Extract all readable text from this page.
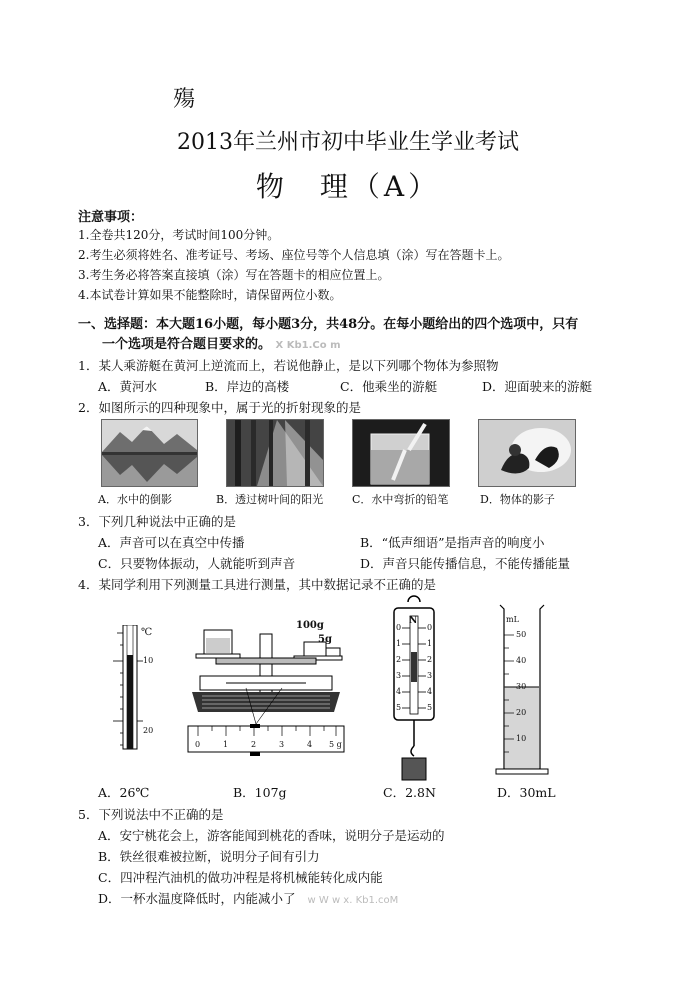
殤
2013年兰州市初中毕业生学业考试
物　理（A）
注意事项：
1.全卷共120分，考试时间100分钟。
2.考生必须将姓名、准考证号、考场、座位号等个人信息填（涂）写在答题卡上。
3.考生务必将答案直接填（涂）写在答题卡的相应位置上。
4.本试卷计算如果不能整除时，请保留两位小数。
一、选择题：本大题16小题，每小题3分，共48分。在每小题给出的四个选项中，只有
一个选项是符合题目要求的。 X Kb1.Co m
1．某人乘游艇在黄河上逆流而上，若说他静止，是以下列哪个物体为参照物
A．黄河水	B．岸边的高楼	C．他乘坐的游艇	D．迎面驶来的游艇
2．如图所示的四种现象中，属于光的折射现象的是
A．水中的倒影	B．透过树叶间的阳光	C．水中弯折的铅笔	D．物体的影子
3．下列几种说法中正确的是
A．声音可以在真空中传播	B．“低声细语”是指声音的响度小
C．只要物体振动，人就能听到声音	D．声音只能传播信息，不能传播能量
4．某同学利用下列测量工具进行测量，其中数据记录不正确的是
℃
10
20
100g
5g
0	1	2	3	4 5 g
N
0
1
2
3
4
5
0
1
2
3
4
5
mL
50
40
30
20
10
A．26℃	B．107g	C．2.8N	D．30mL
5．下列说法中不正确的是
A．安宁桃花会上，游客能闻到桃花的香味，说明分子是运动的
B．铁丝很难被拉断，说明分子间有引力
C．四冲程汽油机的做功冲程是将机械能转化成内能
D．一杯水温度降低时，内能减小了 w W w x. Kb1.coM
